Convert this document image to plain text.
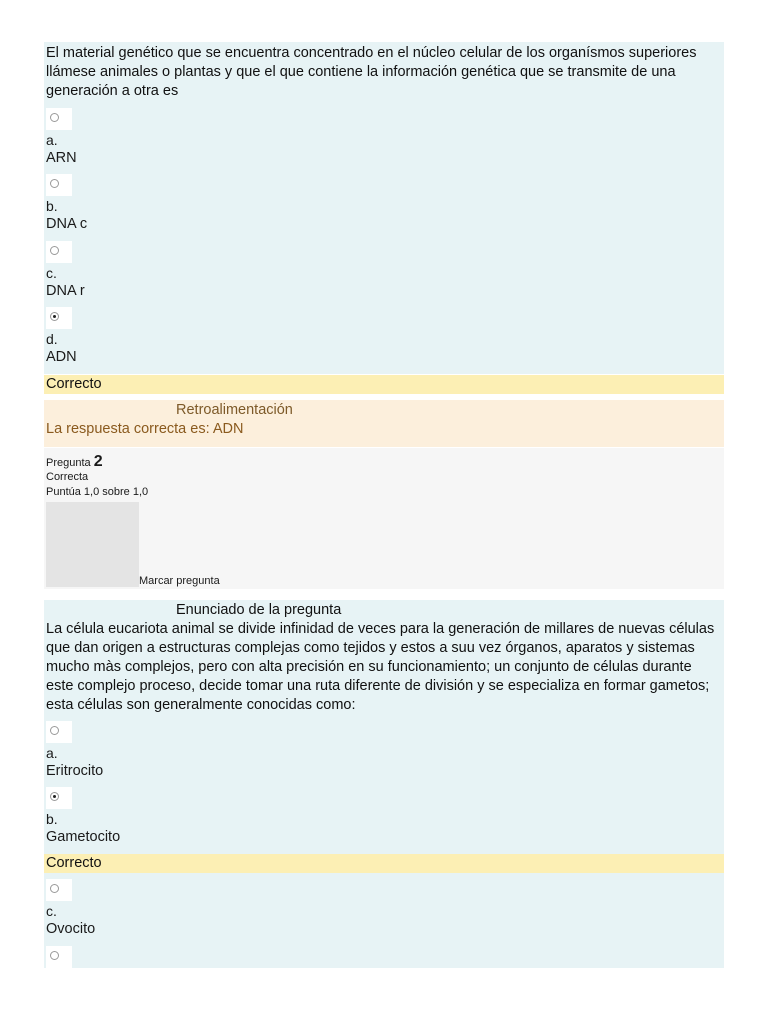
El material genético que se encuentra concentrado en el núcleo celular de los organísmos superiores llámese animales o plantas y que el que contiene la información genética que se transmite de una generación a otra es

a.
ARN
b.
DNA c
c.
DNA r
d.
ADN
Correcto
Retroalimentación
La respuesta correcta es: ADN
Pregunta 2
Correcta
Puntúa 1,0 sobre 1,0
Marcar pregunta
Enunciado de la pregunta

La célula eucariota animal se divide infinidad de veces para la generación de millares de nuevas células que dan origen a estructuras complejas como tejidos y estos a suu vez órganos, aparatos y sistemas mucho màs complejos, pero con alta precisión en su funcionamiento; un conjunto de células durante este complejo proceso, decide tomar una ruta diferente de división y se especializa en formar gametos; esta células son generalmente conocidas como:

a.
Eritrocito
b.
Gametocito
c.
Ovocito
Correcto
